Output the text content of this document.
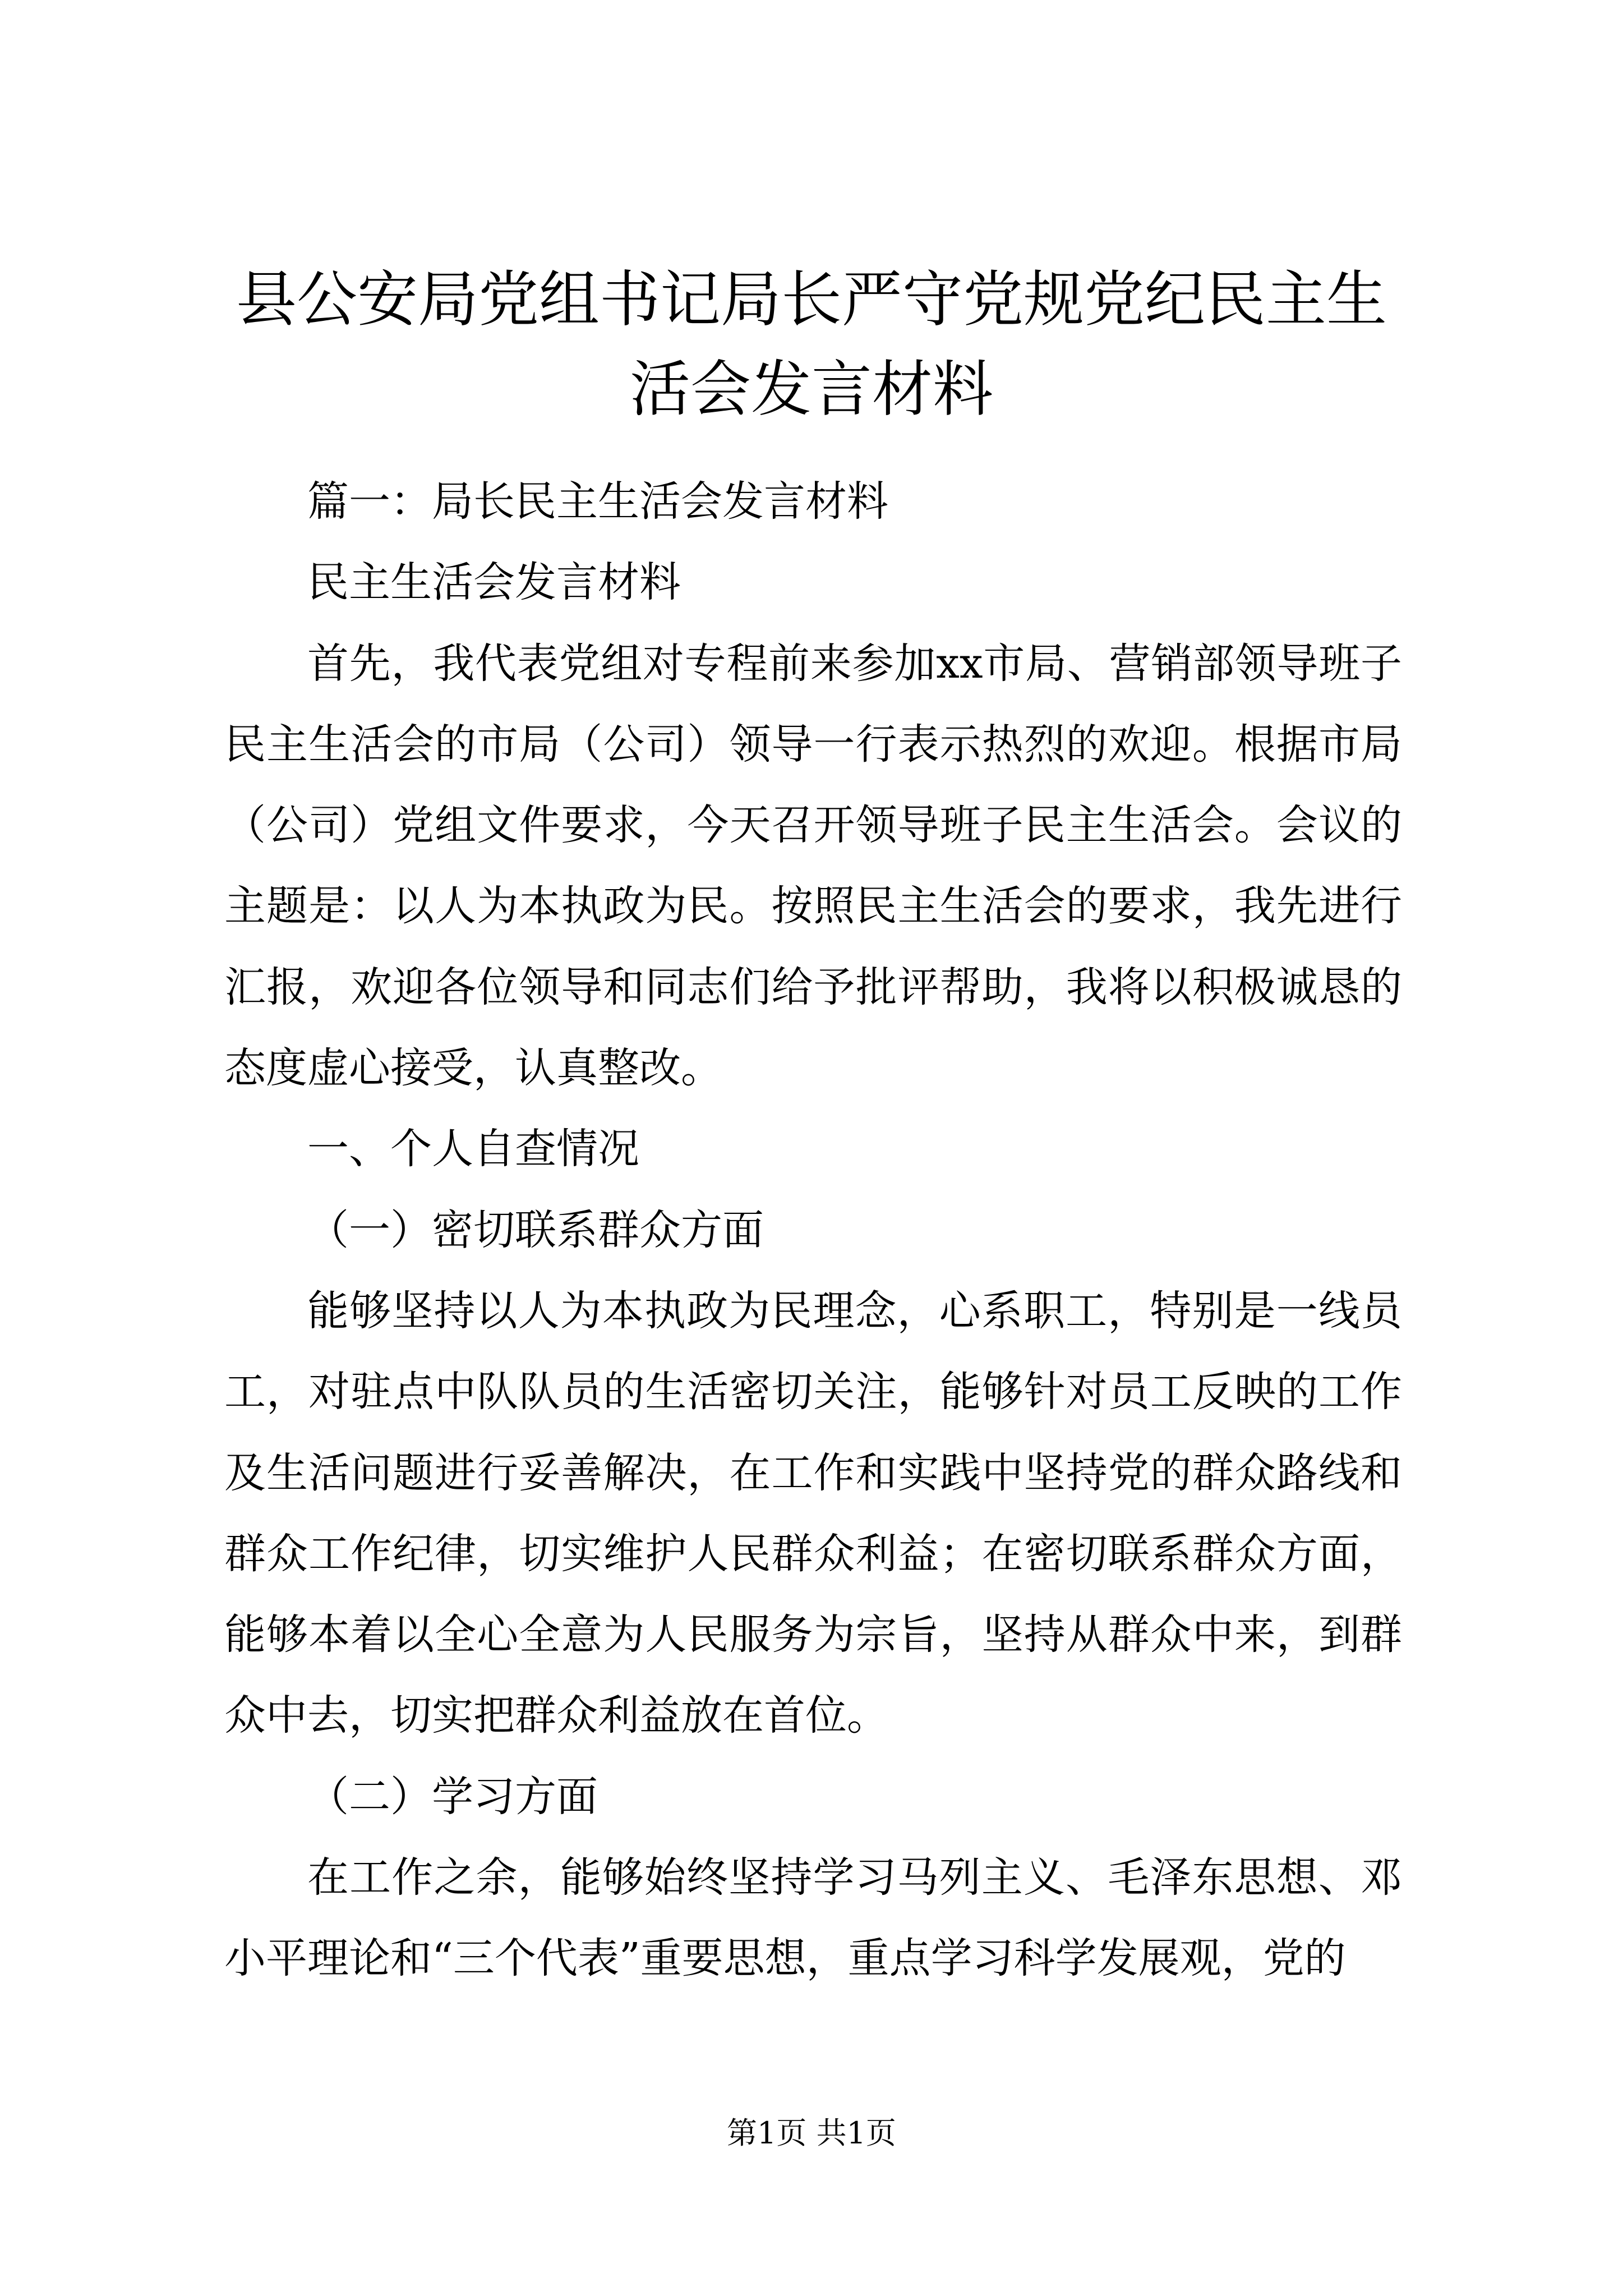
县公安局党组书记局长严守党规党纪民主生活会发言材料

篇一：局长民主生活会发言材料

民主生活会发言材料

首先，我代表党组对专程前来参加xx市局、营销部领导班子民主生活会的市局（公司）领导一行表示热烈的欢迎。根据市局（公司）党组文件要求，今天召开领导班子民主生活会。会议的主题是：以人为本执政为民。按照民主生活会的要求，我先进行汇报，欢迎各位领导和同志们给予批评帮助，我将以积极诚恳的态度虚心接受，认真整改。

一、个人自查情况

（一）密切联系群众方面

能够坚持以人为本执政为民理念，心系职工，特别是一线员工，对驻点中队队员的生活密切关注，能够针对员工反映的工作及生活问题进行妥善解决，在工作和实践中坚持党的群众路线和群众工作纪律，切实维护人民群众利益；在密切联系群众方面，能够本着以全心全意为人民服务为宗旨，坚持从群众中来，到群众中去，切实把群众利益放在首位。

（二）学习方面

在工作之余，能够始终坚持学习马列主义、毛泽东思想、邓小平理论和“三个代表”重要思想，重点学习科学发展观，党的

第1页 共1页
